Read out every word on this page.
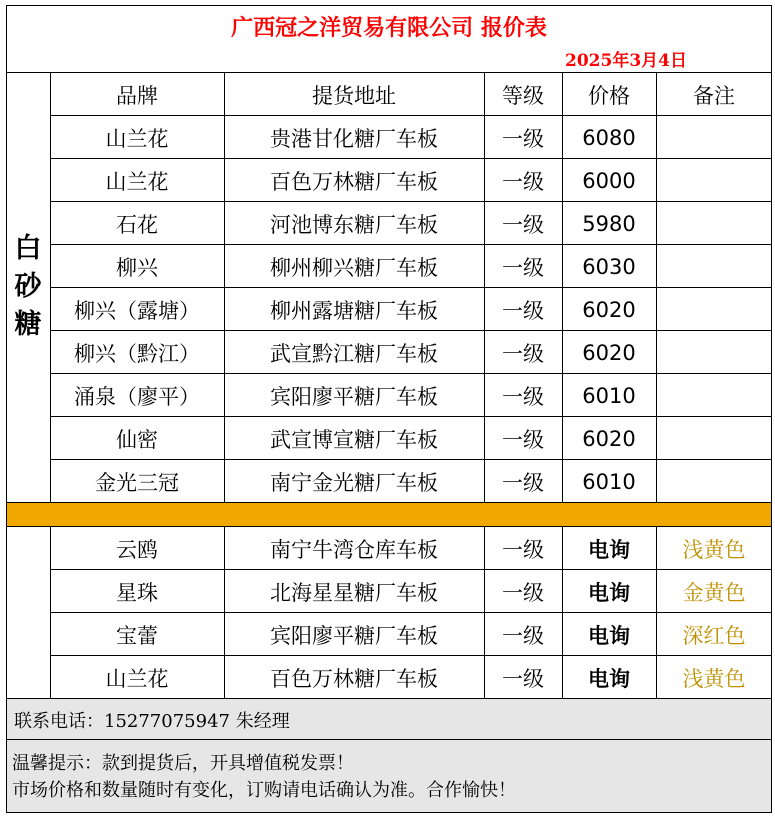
广西冠之洋贸易有限公司 报价表
2025年3月4日
品牌	提货地址	等级	价格	备注
白
砂
糖
山兰花	贵港甘化糖厂车板	一级	6080
山兰花	百色万林糖厂车板	一级	6000
石花	河池博东糖厂车板	一级	5980
柳兴	柳州柳兴糖厂车板	一级	6030
柳兴（露塘）	柳州露塘糖厂车板	一级	6020
柳兴（黔江）	武宣黔江糖厂车板	一级	6020
涌泉（廖平）	宾阳廖平糖厂车板	一级	6010
仙密	武宣博宣糖厂车板	一级	6020
金光三冠	南宁金光糖厂车板	一级	6010
云鸥	南宁牛湾仓库车板	一级	电询	浅黄色
星珠	北海星星糖厂车板	一级	电询	金黄色
宝蕾	宾阳廖平糖厂车板	一级	电询	深红色
山兰花	百色万林糖厂车板	一级	电询	浅黄色
联系电话：15277075947 朱经理
温馨提示：款到提货后，开具增值税发票！
市场价格和数量随时有变化，订购请电话确认为准。合作愉快！
